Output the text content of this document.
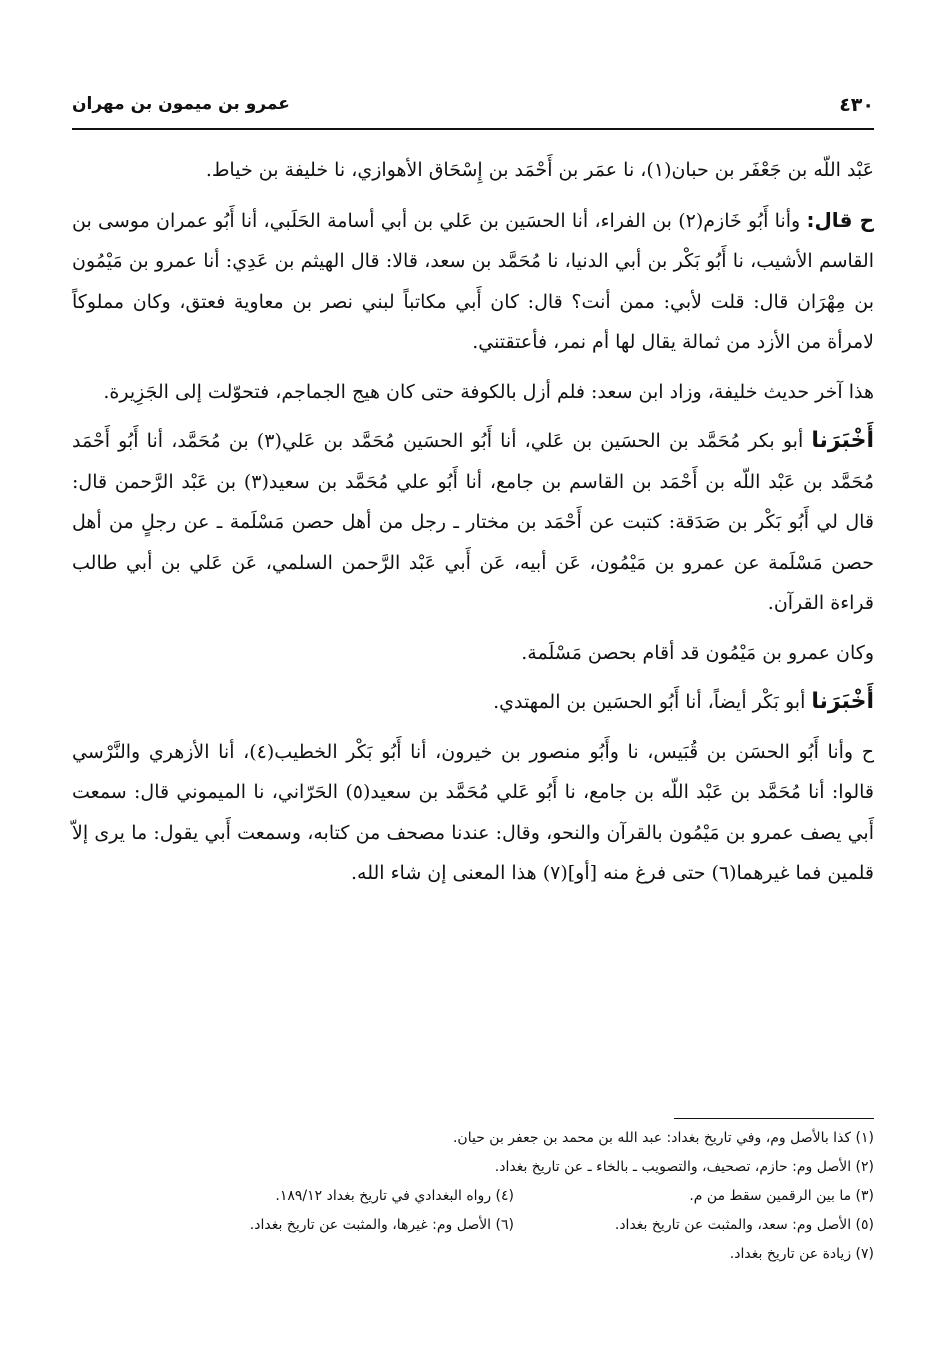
٤٣٠
عمرو بن ميمون بن مهران

عَبْد اللّه بن جَعْفَر بن حبان(١)، نا عمَر بن أَحْمَد بن إِسْحَاق الأهوازي، نا خليفة بن خياط.

ح قال: وأنا أَبُو خَازم(٢) بن الفراء، أنا الحسَين بن عَلي بن أبي أسامة الحَلَبي، أنا أَبُو عمران موسى بن القاسم الأشيب، نا أَبُو بَكْر بن أبي الدنيا، نا مُحَمَّد بن سعد، قالا: قال الهيثم بن عَدِي: أنا عمرو بن مَيْمُون بن مِهْرَان قال: قلت لأبي: ممن أنت؟ قال: كان أَبي مكاتباً لبني نصر بن معاوية فعتق، وكان مملوكاً لامرأة من الأزد من ثمالة يقال لها أم نمر، فأعتقتني.

هذا آخر حديث خليفة، وزاد ابن سعد: فلم أزل بالكوفة حتى كان هيج الجماجم، فتحوّلت إلى الجَزِيرة.

أَخْبَرَنا أبو بكر مُحَمَّد بن الحسَين بن عَلي، أنا أَبُو الحسَين مُحَمَّد بن عَلي(٣) بن مُحَمَّد، أنا أَبُو أَحْمَد مُحَمَّد بن عَبْد اللّه بن أَحْمَد بن القاسم بن جامع، أنا أَبُو علي مُحَمَّد بن سعيد(٣) بن عَبْد الرَّحمن قال: قال لي أَبُو بَكْر بن صَدَقة: كتبت عن أَحْمَد بن مختار ـ رجل من أهل حصن مَسْلَمة ـ عن رجلٍ من أهل حصن مَسْلَمة عن عمرو بن مَيْمُون، عَن أبيه، عَن أَبي عَبْد الرَّحمن السلمي، عَن عَلي بن أبي طالب قراءة القرآن.

وكان عمرو بن مَيْمُون قد أقام بحصن مَسْلَمة.

أَخْبَرَنا أبو بَكْر أيضاً، أنا أَبُو الحسَين بن المهتدي.

ح وأنا أَبُو الحسَن بن قُبَيس، نا وأَبُو منصور بن خيرون، أنا أَبُو بَكْر الخطيب(٤)، أنا الأزهري والنَّرْسي قالوا: أنا مُحَمَّد بن عَبْد اللّه بن جامع، نا أَبُو عَلي مُحَمَّد بن سعيد(٥) الحَرّاني، نا الميموني قال: سمعت أَبي يصف عمرو بن مَيْمُون بالقرآن والنحو، وقال: عندنا مصحف من كتابه، وسمعت أَبي يقول: ما يرى إلاّ قلمين فما غيرهما(٦) حتى فرغ منه [أو](٧) هذا المعنى إن شاء الله.

(١) كذا بالأصل وم، وفي تاريخ بغداد: عبد الله بن محمد بن جعفر بن حيان.
(٢) الأصل وم: حازم، تصحيف، والتصويب ـ بالخاء ـ عن تاريخ بغداد.
(٣) ما بين الرقمين سقط من م.
(٤) رواه البغدادي في تاريخ بغداد ١٨٩/١٢.
(٥) الأصل وم: سعد، والمثبت عن تاريخ بغداد.
(٦) الأصل وم: غيرها، والمثبت عن تاريخ بغداد.
(٧) زيادة عن تاريخ بغداد.
